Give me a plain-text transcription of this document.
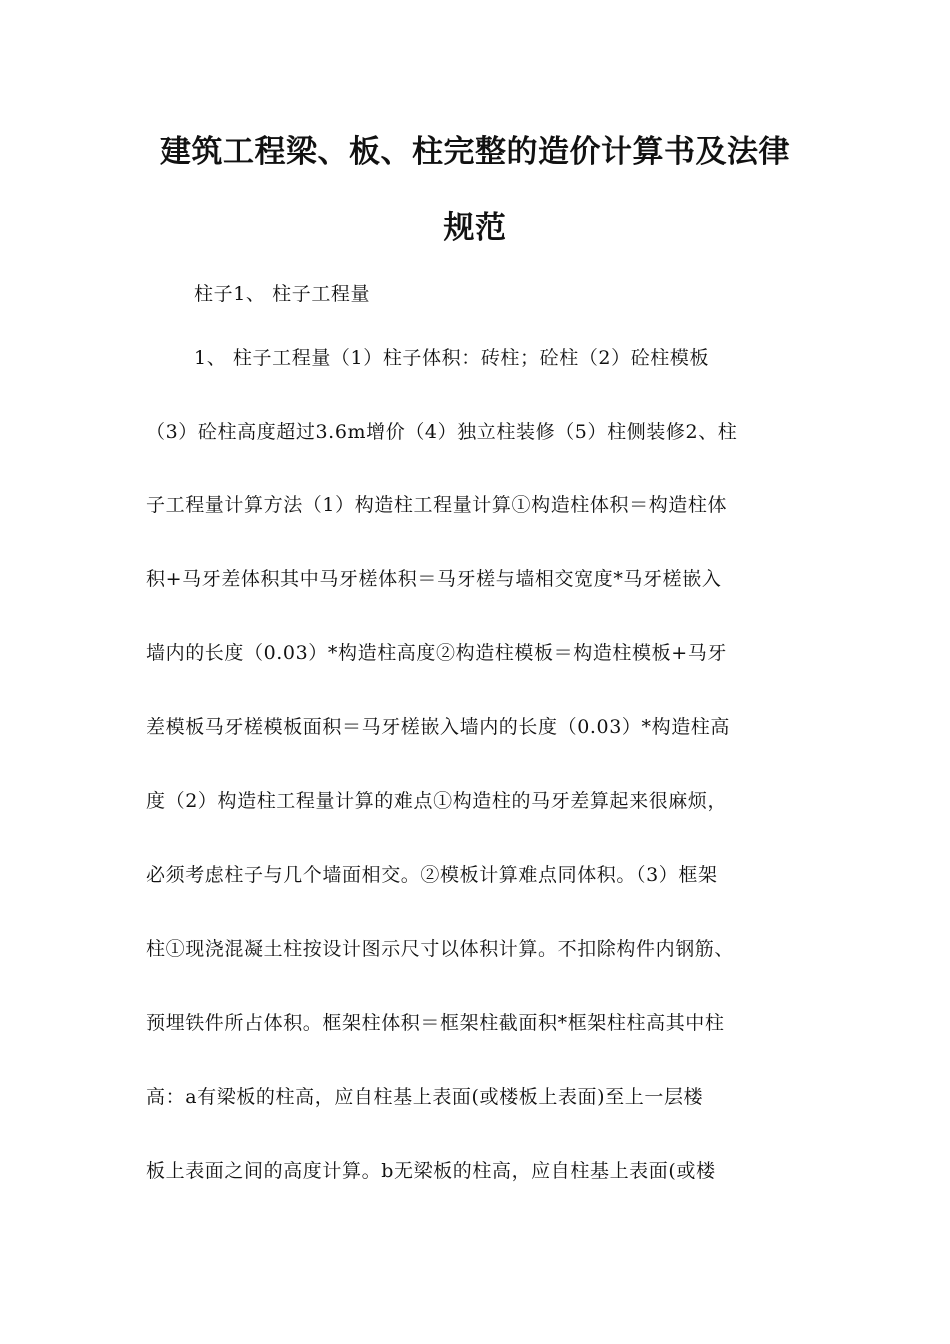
建筑工程梁、板、柱完整的造价计算书及法律
规范
柱子1、 柱子工程量
1、 柱子工程量（1）柱子体积：砖柱；砼柱（2）砼柱模板
（3）砼柱高度超过3.6m增价（4）独立柱装修（5）柱侧装修2、柱
子工程量计算方法（1）构造柱工程量计算①构造柱体积＝构造柱体
积+马牙差体积其中马牙槎体积＝马牙槎与墙相交宽度*马牙槎嵌入
墙内的长度（0.03）*构造柱高度②构造柱模板＝构造柱模板+马牙
差模板马牙槎模板面积＝马牙槎嵌入墙内的长度（0.03）*构造柱高
度（2）构造柱工程量计算的难点①构造柱的马牙差算起来很麻烦，
必须考虑柱子与几个墙面相交。②模板计算难点同体积。（3）框架
柱①现浇混凝土柱按设计图示尺寸以体积计算。不扣除构件内钢筋、
预埋铁件所占体积。框架柱体积＝框架柱截面积*框架柱柱高其中柱
高：a有梁板的柱高，应自柱基上表面(或楼板上表面)至上一层楼
板上表面之间的高度计算。b无梁板的柱高，应自柱基上表面(或楼
